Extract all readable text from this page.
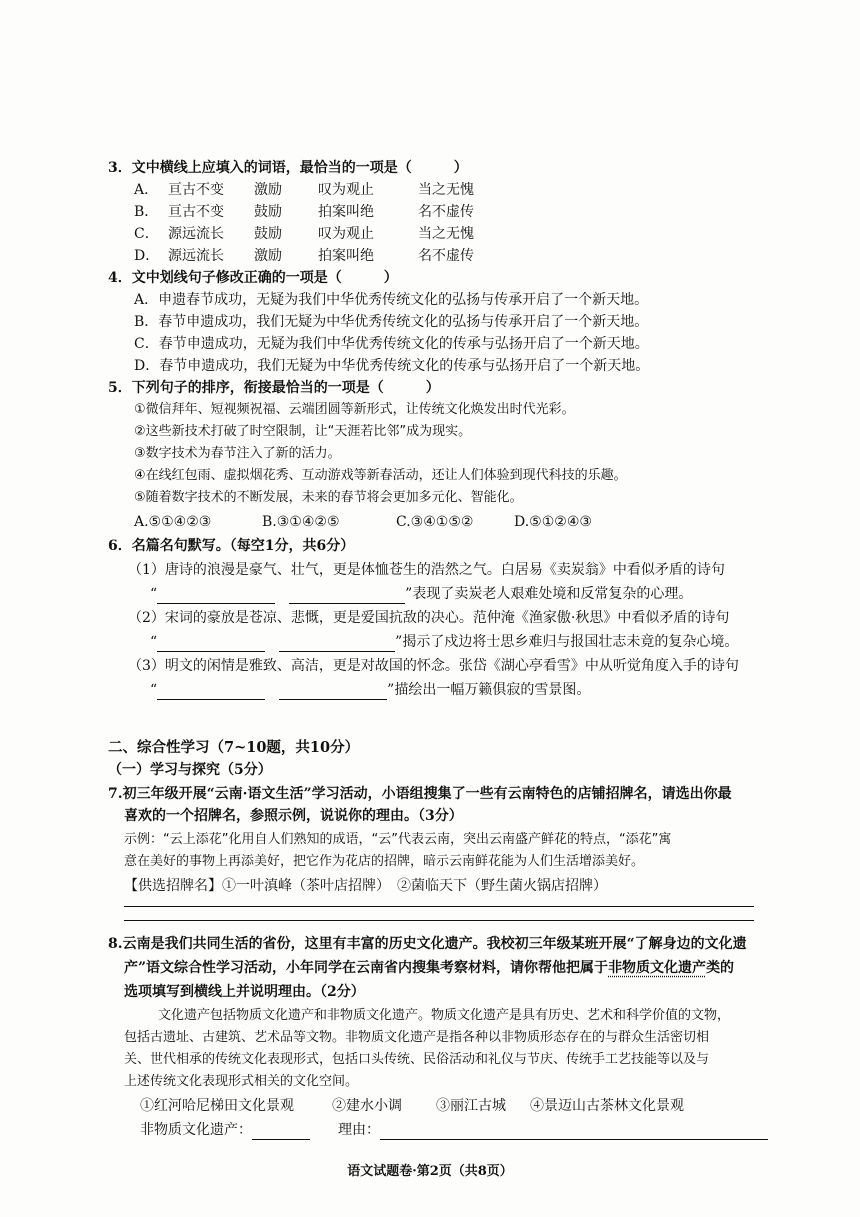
3．文中横线上应填入的词语，最恰当的一项是（　　　）
A． 亘古不变 激励	叹为观止	当之无愧
B． 亘古不变 鼓励	拍案叫绝	名不虚传
C． 源远流长 鼓励	叹为观止	当之无愧
D． 源远流长 激励	拍案叫绝	名不虚传
4．文中划线句子修改正确的一项是（　　　）
A．申遗春节成功，无疑为我们中华优秀传统文化的弘扬与传承开启了一个新天地。
B．春节申遗成功，我们无疑为中华优秀传统文化的弘扬与传承开启了一个新天地。
C．春节申遗成功，无疑为我们中华优秀传统文化的传承与弘扬开启了一个新天地。
D．春节申遗成功，我们无疑为中华优秀传统文化的传承与弘扬开启了一个新天地。
5．下列句子的排序，衔接最恰当的一项是（　　　）
①微信拜年、短视频祝福、云端团圆等新形式，让传统文化焕发出时代光彩。
②这些新技术打破了时空限制，让“天涯若比邻”成为现实。
③数字技术为春节注入了新的活力。
④在线红包雨、虚拟烟花秀、互动游戏等新春活动，还让人们体验到现代科技的乐趣。
⑤随着数字技术的不断发展，未来的春节将会更加多元化、智能化。
A.⑤①④②③	B.③①④②⑤	C.③④①⑤②	D.⑤①②④③
6．名篇名句默写。（每空1分，共6分）
（1）唐诗的浪漫是豪气、壮气，更是体恤苍生的浩然之气。白居易《卖炭翁》中看似矛盾的诗句
“　	”表现了卖炭老人艰难处境和反常复杂的心理。
（2）宋词的豪放是苍凉、悲慨，更是爱国抗敌的决心。范仲淹《渔家傲·秋思》中看似矛盾的诗句
“　	”揭示了戍边将士思乡难归与报国壮志未竟的复杂心境。
（3）明文的闲情是雅致、高洁，更是对故国的怀念。张岱《湖心亭看雪》中从听觉角度入手的诗句
“　	”描绘出一幅万籁俱寂的雪景图。
二、综合性学习（7~10题，共10分）
（一）学习与探究（5分）
7.初三年级开展“云南·语文生活”学习活动，小语组搜集了一些有云南特色的店铺招牌名，请选出你最
喜欢的一个招牌名，参照示例，说说你的理由。（3分）
示例：“云上添花”化用自人们熟知的成语，“云”代表云南，突出云南盛产鲜花的特点，“添花”寓
意在美好的事物上再添美好，把它作为花店的招牌，暗示云南鲜花能为人们生活增添美好。
【供选招牌名】①一叶滇峰（茶叶店招牌）　②菌临天下（野生菌火锅店招牌）
8.云南是我们共同生活的省份，这里有丰富的历史文化遗产。我校初三年级某班开展“了解身边的文化遗
产”语文综合性学习活动，小年同学在云南省内搜集考察材料，请你帮他把属于非物质文化遗产类的
选项填写到横线上并说明理由。（2分）
文化遗产包括物质文化遗产和非物质文化遗产。物质文化遗产是具有历史、艺术和科学价值的文物，
包括古遗址、古建筑、艺术品等文物。非物质文化遗产是指各种以非物质形态存在的与群众生活密切相
关、世代相承的传统文化表现形式，包括口头传统、民俗活动和礼仪与节庆、传统手工艺技能等以及与
上述传统文化表现形式相关的文化空间。
①红河哈尼梯田文化景观	②建水小调 ③丽江古城 ④景迈山古茶林文化景观
非物质文化遗产：　　	理由：
语文试题卷·第2页（共8页）
